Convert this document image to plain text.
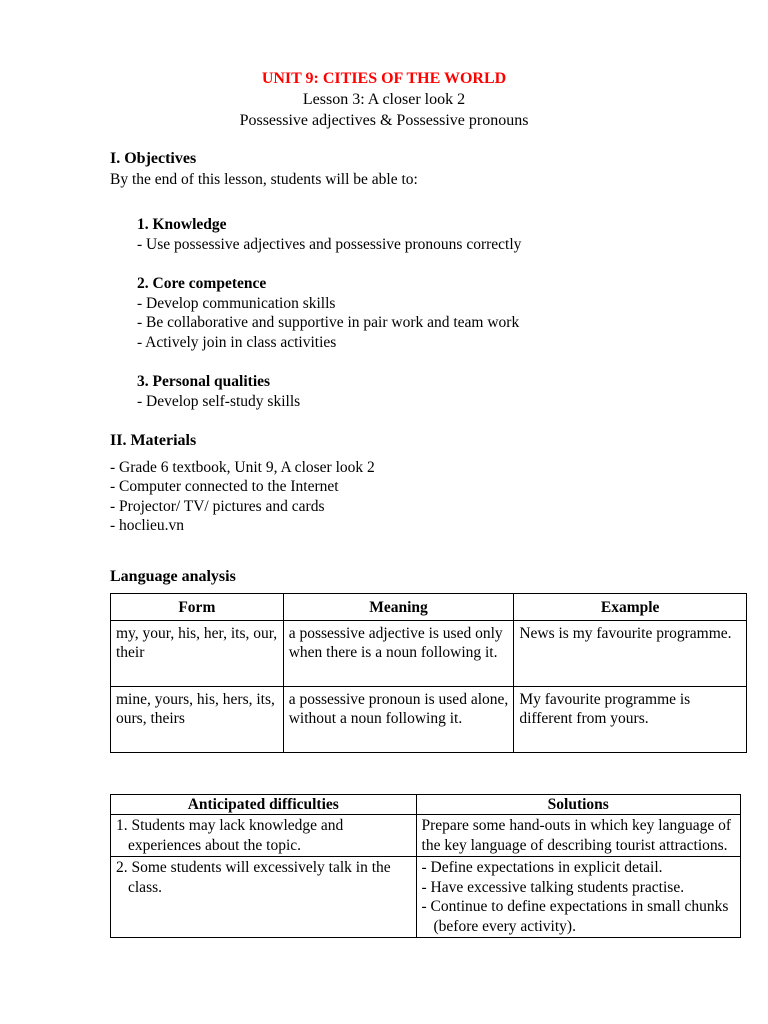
UNIT 9: CITIES OF THE WORLD
Lesson 3: A closer look 2
Possessive adjectives & Possessive pronouns
I. Objectives
By the end of this lesson, students will be able to:
1. Knowledge
- Use possessive adjectives and possessive pronouns correctly
2. Core competence
- Develop communication skills
- Be collaborative and supportive in pair work and team work
- Actively join in class activities
3. Personal qualities
- Develop self-study skills
II. Materials
- Grade 6 textbook, Unit 9, A closer look 2
- Computer connected to the Internet
- Projector/ TV/ pictures and cards
- hoclieu.vn
Language analysis
Form	Meaning	Example
my, your, his, her, its, our, their	a possessive adjective is used only when there is a noun following it.	News is my favourite programme.
mine, yours, his, hers, its, ours, theirs	a possessive pronoun is used alone, without a noun following it.	My favourite programme is different from yours.
Anticipated difficulties	Solutions

1. Students may lack knowledge and experiences about the topic.	Prepare some hand-outs in which key language of the key language of describing tourist attractions.

2. Some students will excessively talk in the class.	- Define expectations in explicit detail.
- Have excessive talking students practise.
- Continue to define expectations in small chunks (before every activity).
